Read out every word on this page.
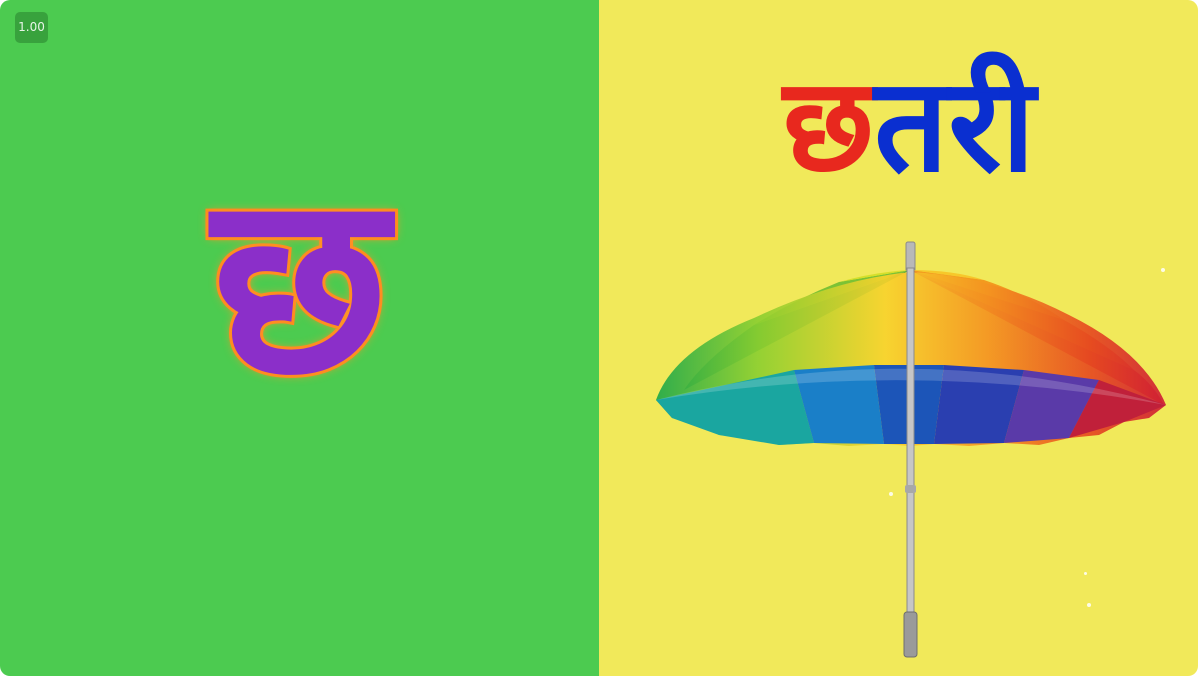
1.00
छ
छतरी
